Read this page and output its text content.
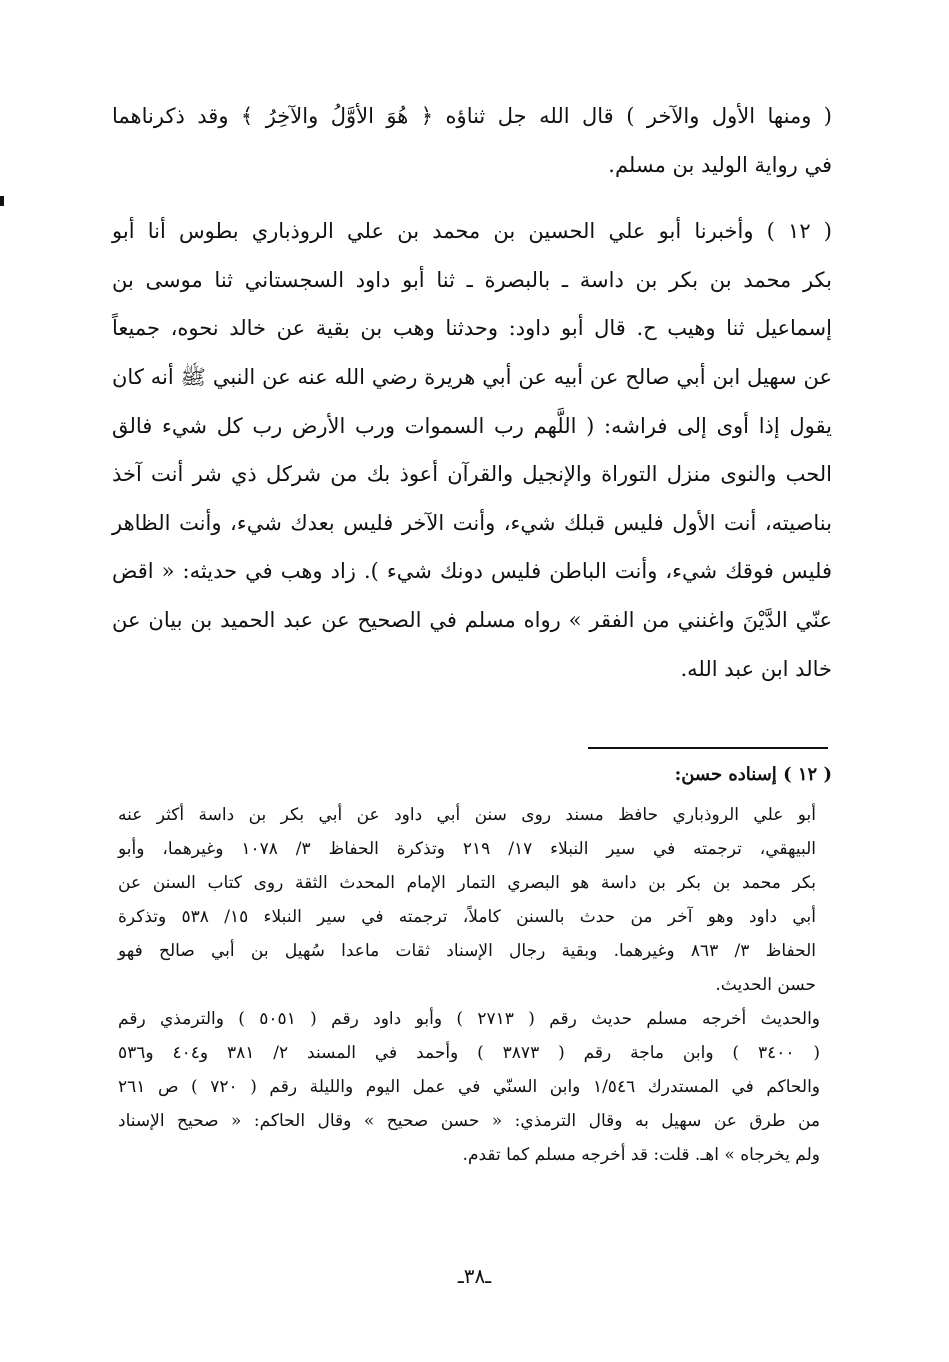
( ومنها الأول والآخر ) قال الله جل ثناؤه ﴿ هُوَ الأوَّلُ والآخِرُ ﴾ وقد ذكرناهما
في رواية الوليد بن مسلم.

( ١٢ ) وأخبرنا أبو علي الحسين بن محمد بن علي الروذباري بطوس أنا أبو
بكر محمد بن بكر بن داسة ـ بالبصرة ـ ثنا أبو داود السجستاني ثنا موسى بن
إسماعيل ثنا وهيب ح. قال أبو داود: وحدثنا وهب بن بقية عن خالد نحوه، جميعاً
عن سهيل ابن أبي صالح عن أبيه عن أبي هريرة رضي الله عنه عن النبي ﷺ أنه كان
يقول إذا أوى إلى فراشه: ( اللَّهم رب السموات ورب الأرض رب كل شيء فالق
الحب والنوى منزل التوراة والإنجيل والقرآن أعوذ بك من شركل ذي شر أنت آخذ
بناصيته، أنت الأول فليس قبلك شيء، وأنت الآخر فليس بعدك شيء، وأنت الظاهر
فليس فوقك شيء، وأنت الباطن فليس دونك شيء ). زاد وهب في حديثه: « اقض
عنّي الدَّيْنَ واغنني من الفقر » رواه مسلم في الصحيح عن عبد الحميد بن بيان عن
خالد ابن عبد الله.

( ١٢ ) إسناده حسن:

أبو علي الروذباري حافظ مسند روى سنن أبي داود عن أبي بكر بن داسة أكثر عنه
البيهقي، ترجمته في سير النبلاء ١٧/ ٢١٩ وتذكرة الحفاظ ٣/ ١٠٧٨ وغيرهما، وأبو
بكر محمد بن بكر بن داسة هو البصري التمار الإمام المحدث الثقة روى كتاب السنن عن
أبي داود وهو آخر من حدث بالسنن كاملاً، ترجمته في سير النبلاء ١٥/ ٥٣٨ وتذكرة
الحفاظ ٣/ ٨٦٣ وغيرهما. وبقية رجال الإسناد ثقات ماعدا سُهيل بن أبي صالح فهو
حسن الحديث.

والحديث أخرجه مسلم حديث رقم ( ٢٧١٣ ) وأبو داود رقم ( ٥٠٥١ ) والترمذي رقم
( ٣٤٠٠ ) وابن ماجة رقم ( ٣٨٧٣ ) وأحمد في المسند ٢/ ٣٨١ و٤٠٤ و٥٣٦
والحاكم في المستدرك ١/٥٤٦ وابن السنّي في عمل اليوم والليلة رقم ( ٧٢٠ ) ص ٢٦١
من طرق عن سهيل به وقال الترمذي: « حسن صحيح » وقال الحاكم: « صحيح الإسناد
ولم يخرجاه » اهـ. قلت: قد أخرجه مسلم كما تقدم.

ـ٣٨ـ
